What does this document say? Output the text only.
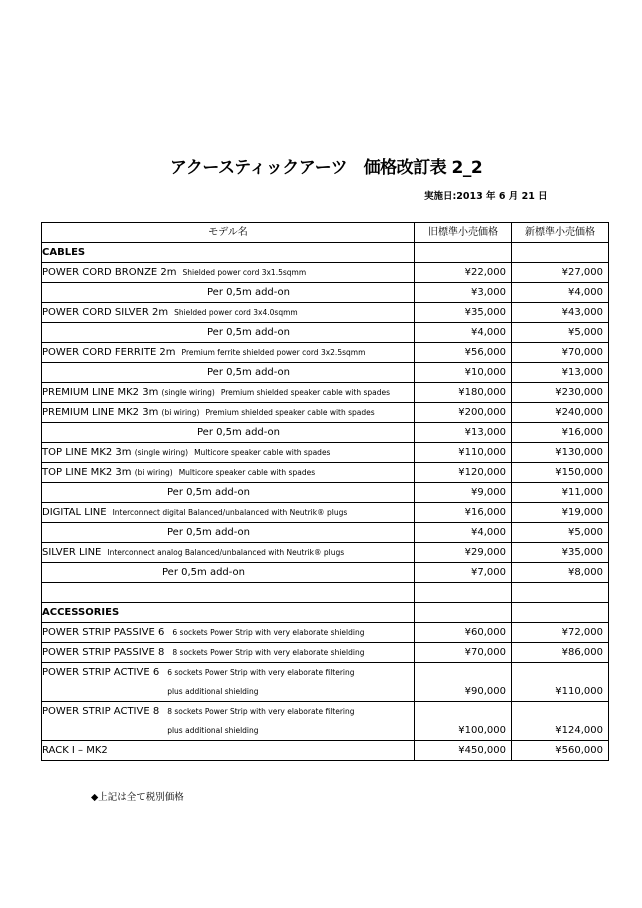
アクースティックアーツ　価格改訂表 2_2
実施日:2013 年 6 月 21 日
モデル名	旧標準小売価格	新標準小売価格
CABLES		
POWER CORD BRONZE 2m Shielded power cord 3x1.5sqmm	¥22,000	¥27,000
Per 0,5m add-on	¥3,000	¥4,000
POWER CORD SILVER 2m Shielded power cord 3x4.0sqmm	¥35,000	¥43,000
Per 0,5m add-on	¥4,000	¥5,000
POWER CORD FERRITE 2m Premium ferrite shielded power cord 3x2.5sqmm	¥56,000	¥70,000
Per 0,5m add-on	¥10,000	¥13,000
PREMIUM LINE MK2 3m (single wiring) Premium shielded speaker cable with spades	¥180,000	¥230,000
PREMIUM LINE MK2 3m (bi wiring) Premium shielded speaker cable with spades	¥200,000	¥240,000
Per 0,5m add-on	¥13,000	¥16,000
TOP LINE MK2 3m (single wiring) Multicore speaker cable with spades	¥110,000	¥130,000
TOP LINE MK2 3m (bi wiring) Multicore speaker cable with spades	¥120,000	¥150,000
Per 0,5m add-on	¥9,000	¥11,000
DIGITAL LINE Interconnect digital Balanced/unbalanced with Neutrik® plugs	¥16,000	¥19,000
Per 0,5m add-on	¥4,000	¥5,000
SILVER LINE Interconnect analog Balanced/unbalanced with Neutrik® plugs	¥29,000	¥35,000
Per 0,5m add-on	¥7,000	¥8,000

ACCESSORIES		
POWER STRIP PASSIVE 6 6 sockets Power Strip with very elaborate shielding	¥60,000	¥72,000
POWER STRIP PASSIVE 8 8 sockets Power Strip with very elaborate shielding	¥70,000	¥86,000
POWER STRIP ACTIVE 6 6 sockets Power Strip with very elaborate filtering
plus additional shielding	¥90,000	¥110,000
POWER STRIP ACTIVE 8 8 sockets Power Strip with very elaborate filtering
plus additional shielding	¥100,000	¥124,000
RACK I – MK2	¥450,000	¥560,000
◆上記は全て税別価格
